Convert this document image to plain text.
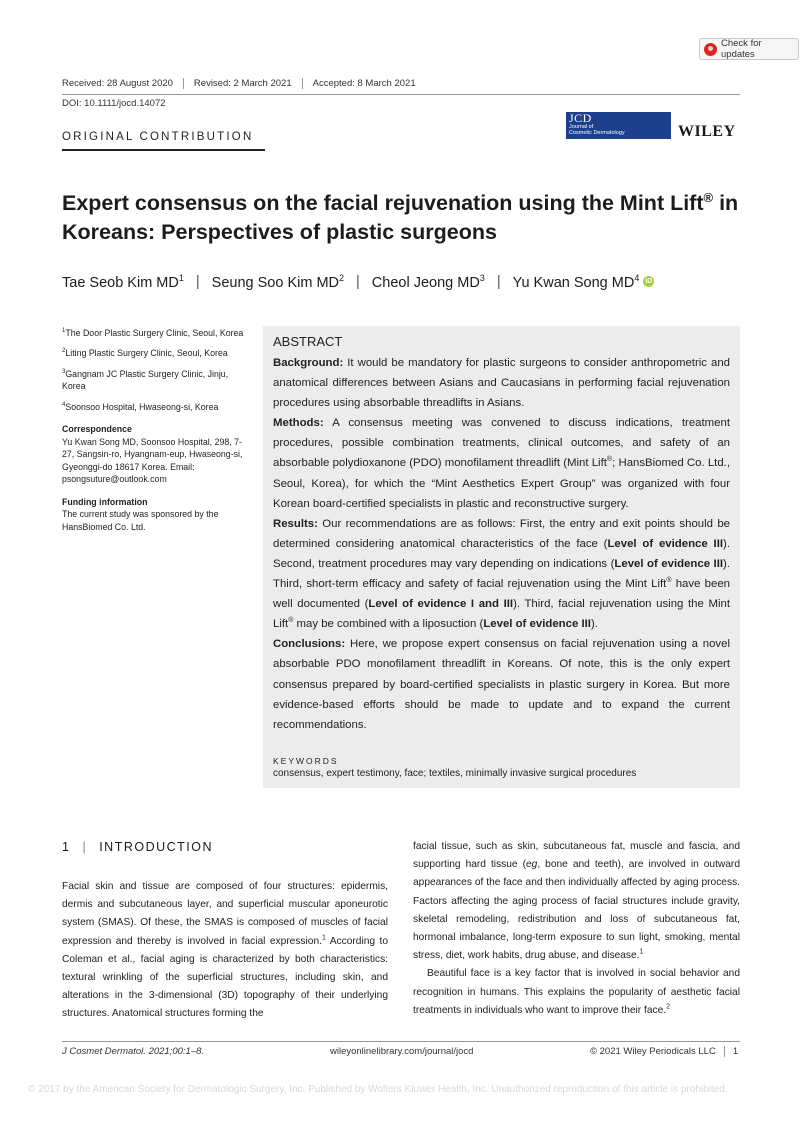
Check for updates
Received: 28 August 2020	Revised: 2 March 2021	Accepted: 8 March 2021
DOI: 10.1111/jocd.14072
ORIGINAL CONTRIBUTION
JCD
Journal of
Cosmetic Dermatology	WILEY
Expert consensus on the facial rejuvenation using the Mint Lift® in Koreans: Perspectives of plastic surgeons
Tae Seob Kim $MD^1$ | Seung Soo Kim $MD^2$ | Cheol Jeong $MD^3$ | Yu Kwan Song $MD^4$ iD
$^1$The Door Plastic Surgery Clinic, Seoul, Korea
$^2$Liting Plastic Surgery Clinic, Seoul, Korea
$^3$Gangnam JC Plastic Surgery Clinic, Jinju, Korea
$^4$Soonsoo Hospital, Hwaseong-si, Korea
Correspondence
Yu Kwan Song MD, Soonsoo Hospital, 298, 7-27, Sangsin-ro, Hyangnam-eup, Hwaseong-si, Gyeonggi-do 18617 Korea. Email: psongsuture@outlook.com
Funding information
The current study was sponsored by the HansBiomed Co. Ltd.
ABSTRACT
Background: It would be mandatory for plastic surgeons to consider anthropometric and anatomical differences between Asians and Caucasians in performing facial rejuvenation procedures using absorbable threadlifts in Asians.
Methods: A consensus meeting was convened to discuss indications, treatment procedures, possible combination treatments, clinical outcomes, and safety of an absorbable polydioxanone (PDO) monofilament threadlift (Mint Lift®; HansBiomed Co. Ltd., Seoul, Korea), for which the “Mint Aesthetics Expert Group” was organized with four Korean board-certified specialists in plastic and reconstructive surgery.
Results: Our recommendations are as follows: First, the entry and exit points should be determined considering anatomical characteristics of the face (Level of evidence III). Second, treatment procedures may vary depending on indications (Level of evidence III). Third, short-term efficacy and safety of facial rejuvenation using the Mint Lift® have been well documented (Level of evidence I and III). Third, facial rejuvenation using the Mint Lift® may be combined with a liposuction (Level of evidence III).
Conclusions: Here, we propose expert consensus on facial rejuvenation using a novel absorbable PDO monofilament threadlift in Koreans. Of note, this is the only expert consensus prepared by board-certified specialists in plastic surgery in Korea. But more evidence-based efforts should be made to update and to expand the current recommendations.
KEYWORDS
consensus, expert testimony, face; textiles, minimally invasive surgical procedures
1 | INTRODUCTION

Facial skin and tissue are composed of four structures: epidermis, dermis and subcutaneous layer, and superficial muscular aponeurotic system (SMAS). Of these, the SMAS is composed of muscles of facial expression and thereby is involved in facial expression.$^1$ According to Coleman et al., facial aging is characterized by both characteristics: textural wrinkling of the superficial structures, including skin, and alterations in the 3-dimensional (3D) topography of their underlying structures. Anatomical structures forming the

facial tissue, such as skin, subcutaneous fat, muscle and fascia, and supporting hard tissue (eg, bone and teeth), are involved in outward appearances of the face and then individually affected by aging process. Factors affecting the aging process of facial structures include gravity, skeletal remodeling, redistribution and loss of subcutaneous fat, hormonal imbalance, long-term exposure to sun light, smoking, mental stress, diet, work habits, drug abuse, and disease.$^1$

Beautiful face is a key factor that is involved in social behavior and recognition in humans. This explains the popularity of aesthetic facial treatments in individuals who want to improve their face.$^2$

J Cosmet Dermatol. 2021;00:1–8.	wileyonlinelibrary.com/journal/jocd	© 2021 Wiley Periodicals LLC	1
© 2017 by the American Society for Dermatologic Surgery, Inc. Published by Wolters Kluwer Health, Inc. Unauthorized reproduction of this article is prohibited.
